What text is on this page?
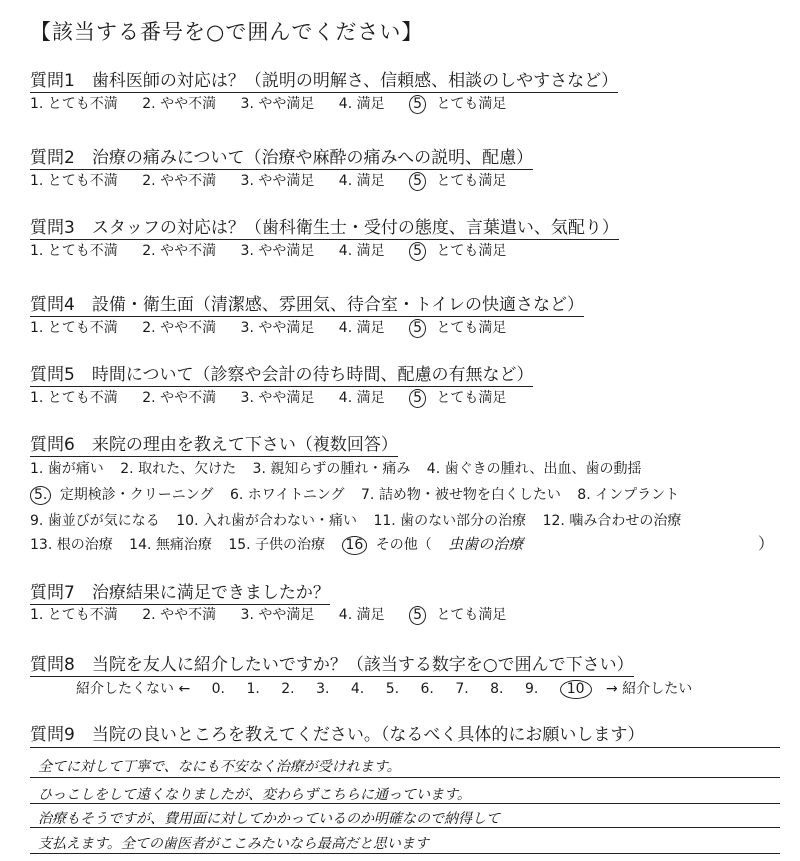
【該当する番号を○で囲んでください】
質問1　歯科医師の対応は？（説明の明解さ、信頼感、相談のしやすさなど）
1. とても不満 2. やや不満 3. やや満足 4. 満足 5 とても満足
質問2　治療の痛みについて（治療や麻酔の痛みへの説明、配慮）
1. とても不満 2. やや不満 3. やや満足 4. 満足 5 とても満足
質問3　スタッフの対応は？（歯科衛生士・受付の態度、言葉遣い、気配り）
1. とても不満 2. やや不満 3. やや満足 4. 満足 5 とても満足
質問4　設備・衛生面（清潔感、雰囲気、待合室・トイレの快適さなど）
1. とても不満 2. やや不満 3. やや満足 4. 満足 5 とても満足
質問5　時間について（診察や会計の待ち時間、配慮の有無など）
1. とても不満 2. やや不満 3. やや満足 4. 満足 5 とても満足
質問6　来院の理由を教えて下さい（複数回答）
1. 歯が痛い 2. 取れた、欠けた 3. 親知らずの腫れ・痛み 4. 歯ぐきの腫れ、出血、歯の動揺
5. 定期検診・クリーニング 6. ホワイトニング 7. 詰め物・被せ物を白くしたい 8. インプラント
9. 歯並びが気になる 10. 入れ歯が合わない・痛い 11. 歯のない部分の治療 12. 噛み合わせの治療
13. 根の治療 14. 無痛治療 15. 子供の治療 16 その他（ 虫歯の治療	）
質問7　治療結果に満足できましたか？
1. とても不満 2. やや不満 3. やや満足 4. 満足 5 とても満足
質問8　当院を友人に紹介したいですか？（該当する数字を○で囲んで下さい）
紹介したくない ← 0. 1. 2. 3. 4. 5. 6. 7. 8. 9. 10 → 紹介したい
質問9　当院の良いところを教えてください。（なるべく具体的にお願いします）
全てに対して丁寧で、なにも不安なく治療が受けれます。
ひっこしをして遠くなりましたが、変わらずこちらに通っています。
治療もそうですが、費用面に対してかかっているのか明確なので納得して
支払えます。全ての歯医者がここみたいなら最高だと思います
